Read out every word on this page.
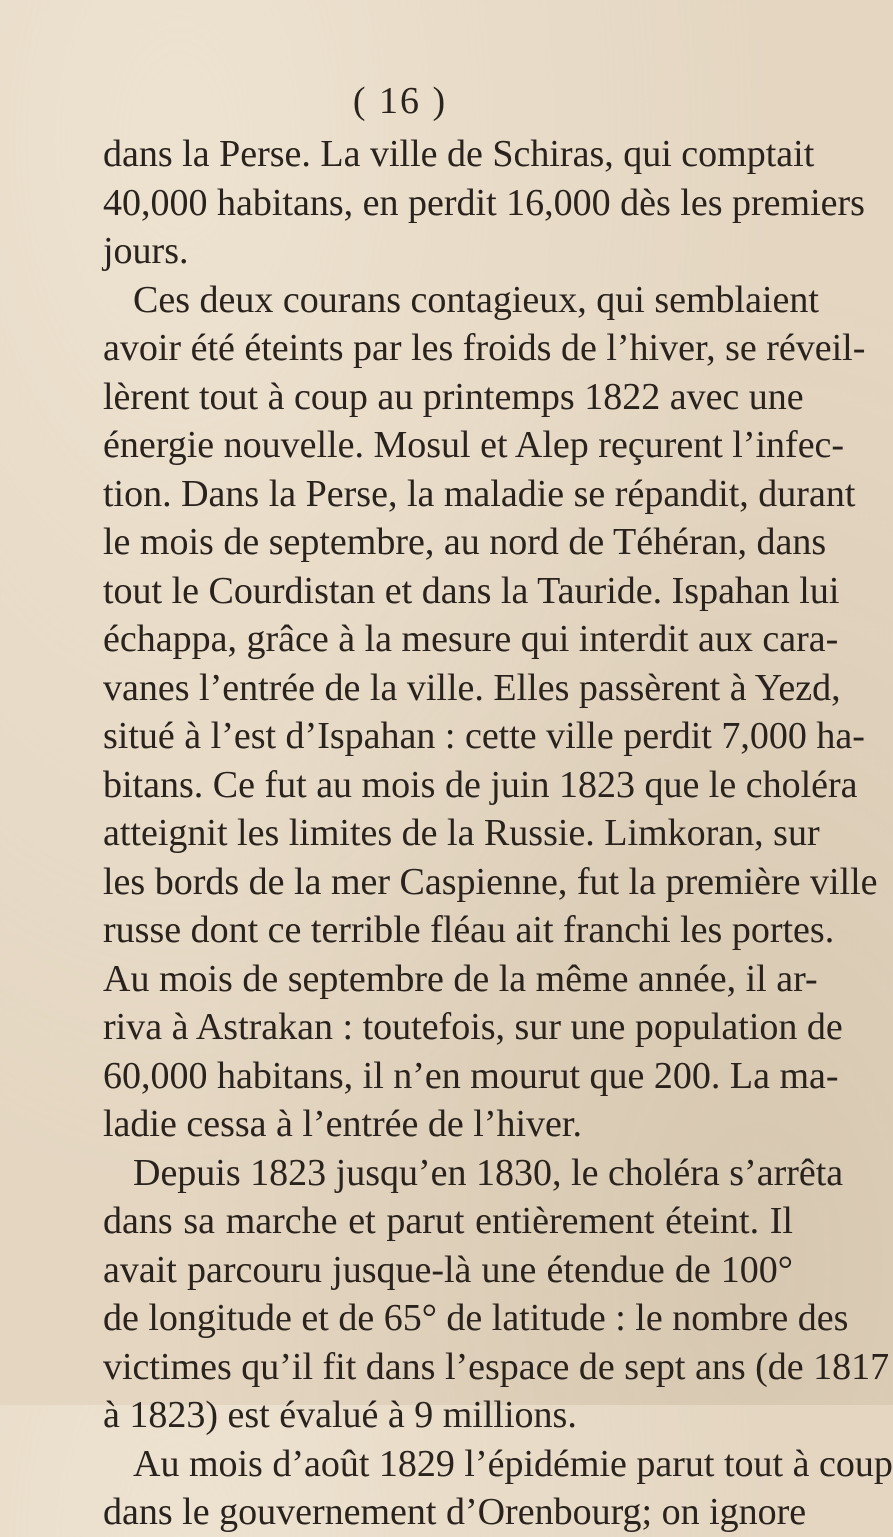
( 16 )
dans la Perse. La ville de Schiras, qui comptait
40,000 habitans, en perdit 16,000 dès les premiers
jours.
Ces deux courans contagieux, qui semblaient
avoir été éteints par les froids de l’hiver, se réveil-
lèrent tout à coup au printemps 1822 avec une
énergie nouvelle. Mosul et Alep reçurent l’infec-
tion. Dans la Perse, la maladie se répandit, durant
le mois de septembre, au nord de Téhéran, dans
tout le Courdistan et dans la Tauride. Ispahan lui
échappa, grâce à la mesure qui interdit aux cara-
vanes l’entrée de la ville. Elles passèrent à Yezd,
situé à l’est d’Ispahan : cette ville perdit 7,000 ha-
bitans. Ce fut au mois de juin 1823 que le choléra
atteignit les limites de la Russie. Limkoran, sur
les bords de la mer Caspienne, fut la première ville
russe dont ce terrible fléau ait franchi les portes.
Au mois de septembre de la même année, il ar-
riva à Astrakan : toutefois, sur une population de
60,000 habitans, il n’en mourut que 200. La ma-
ladie cessa à l’entrée de l’hiver.
Depuis 1823 jusqu’en 1830, le choléra s’arrêta
dans sa marche et parut entièrement éteint. Il
avait parcouru jusque-là une étendue de 100°
de longitude et de 65° de latitude : le nombre des
victimes qu’il fit dans l’espace de sept ans (de 1817
à 1823) est évalué à 9 millions.
Au mois d’août 1829 l’épidémie parut tout à coup
dans le gouvernement d’Orenbourg; on ignore
